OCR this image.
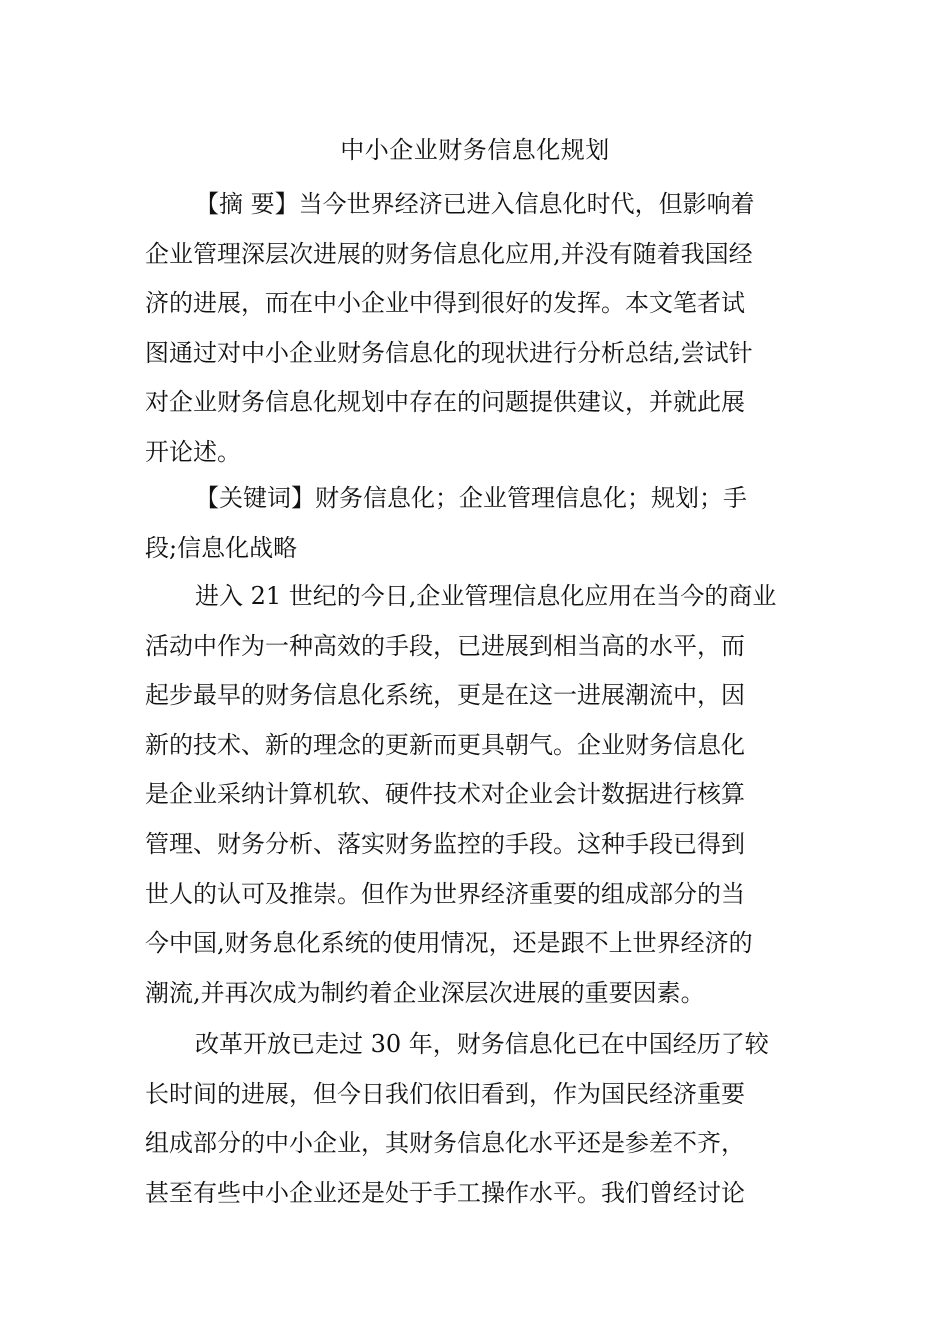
中小企业财务信息化规划
【摘 要】当今世界经济已进入信息化时代，但影响着
企业管理深层次进展的财务信息化应用,并没有随着我国经
济的进展，而在中小企业中得到很好的发挥。本文笔者试
图通过对中小企业财务信息化的现状进行分析总结,尝试针
对企业财务信息化规划中存在的问题提供建议，并就此展
开论述。
【关键词】财务信息化；企业管理信息化；规划；手
段;信息化战略
进入 21 世纪的今日,企业管理信息化应用在当今的商业
活动中作为一种高效的手段，已进展到相当高的水平，而
起步最早的财务信息化系统，更是在这一进展潮流中，因
新的技术、新的理念的更新而更具朝气。企业财务信息化
是企业采纳计算机软、硬件技术对企业会计数据进行核算
管理、财务分析、落实财务监控的手段。这种手段已得到
世人的认可及推崇。但作为世界经济重要的组成部分的当
今中国,财务息化系统的使用情况，还是跟不上世界经济的
潮流,并再次成为制约着企业深层次进展的重要因素。
改革开放已走过 30 年，财务信息化已在中国经历了较
长时间的进展，但今日我们依旧看到，作为国民经济重要
组成部分的中小企业，其财务信息化水平还是参差不齐，
甚至有些中小企业还是处于手工操作水平。我们曾经讨论
